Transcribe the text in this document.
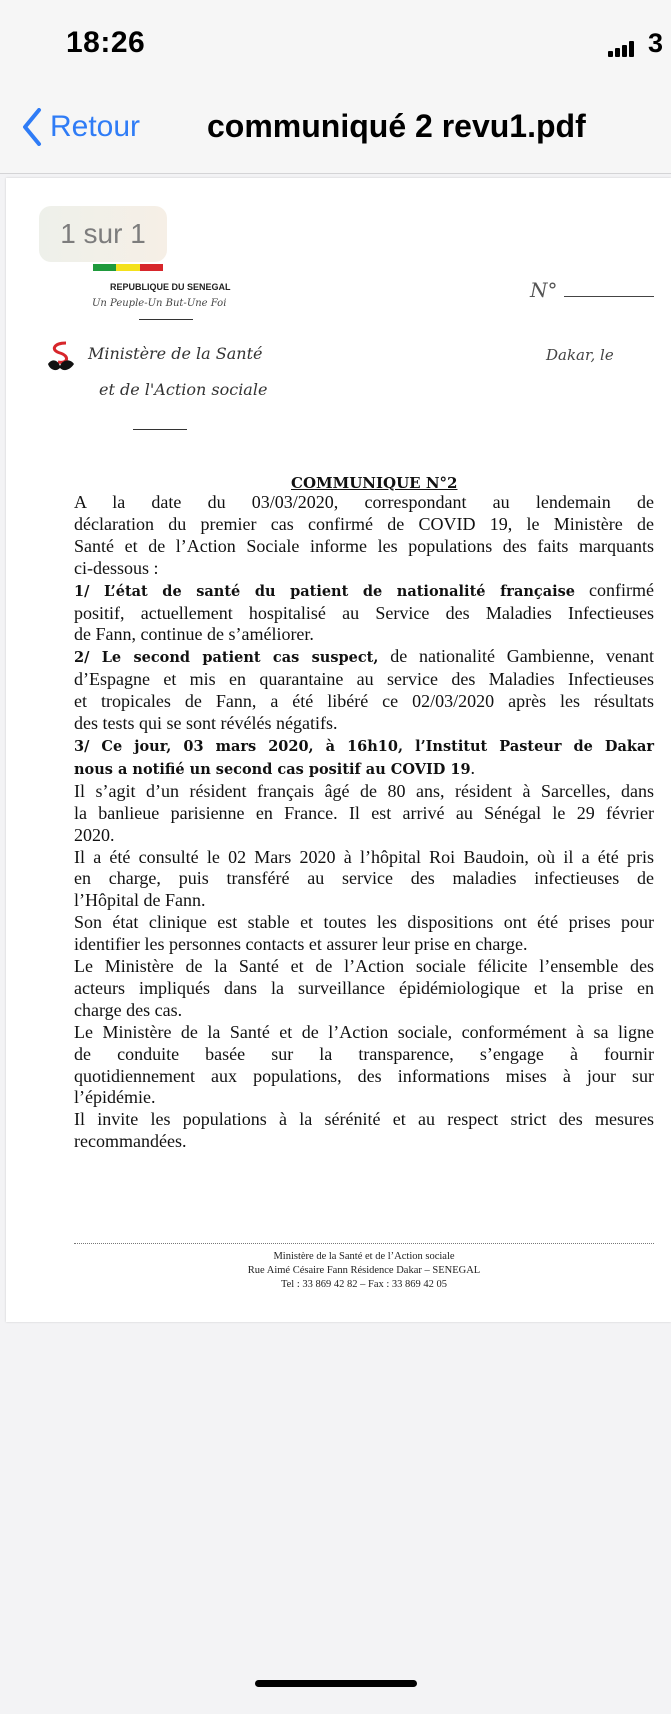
18:26	3
Retour communiqué 2 revu1.pdf
1 sur 1
REPUBLIQUE DU SENEGAL
Un Peuple-Un But-Une Foi
Ministère de la Santé
et de l'Action sociale
N°
Dakar, le
COMMUNIQUE N°2
A la date du 03/03/2020, correspondant au lendemain de
déclaration du premier cas confirmé de COVID 19, le Ministère de
Santé et de l’Action Sociale informe les populations des faits marquants
ci-dessous :
1/ L’état de santé du patient de nationalité française confirmé
positif, actuellement hospitalisé au Service des Maladies Infectieuses
de Fann, continue de s’améliorer.
2/ Le second patient cas suspect, de nationalité Gambienne, venant
d’Espagne et mis en quarantaine au service des Maladies Infectieuses
et tropicales de Fann, a été libéré ce 02/03/2020 après les résultats
des tests qui se sont révélés négatifs.
3/ Ce jour, 03 mars 2020, à 16h10, l’Institut Pasteur de Dakar
nous a notifié un second cas positif au COVID 19.
Il s’agit d’un résident français âgé de 80 ans, résident à Sarcelles, dans
la banlieue parisienne en France. Il est arrivé au Sénégal le 29 février
2020.
Il a été consulté le 02 Mars 2020 à l’hôpital Roi Baudoin, où il a été pris
en charge, puis transféré au service des maladies infectieuses de
l’Hôpital de Fann.
Son état clinique est stable et toutes les dispositions ont été prises pour
identifier les personnes contacts et assurer leur prise en charge.
Le Ministère de la Santé et de l’Action sociale félicite l’ensemble des
acteurs impliqués dans la surveillance épidémiologique et la prise en
charge des cas.
Le Ministère de la Santé et de l’Action sociale, conformément à sa ligne
de conduite basée sur la transparence, s’engage à fournir
quotidiennement aux populations, des informations mises à jour sur
l’épidémie.
Il invite les populations à la sérénité et au respect strict des mesures
recommandées.
Ministère de la Santé et de l’Action sociale
Rue Aimé Césaire Fann Résidence Dakar – SENEGAL
Tel : 33 869 42 82 – Fax : 33 869 42 05
